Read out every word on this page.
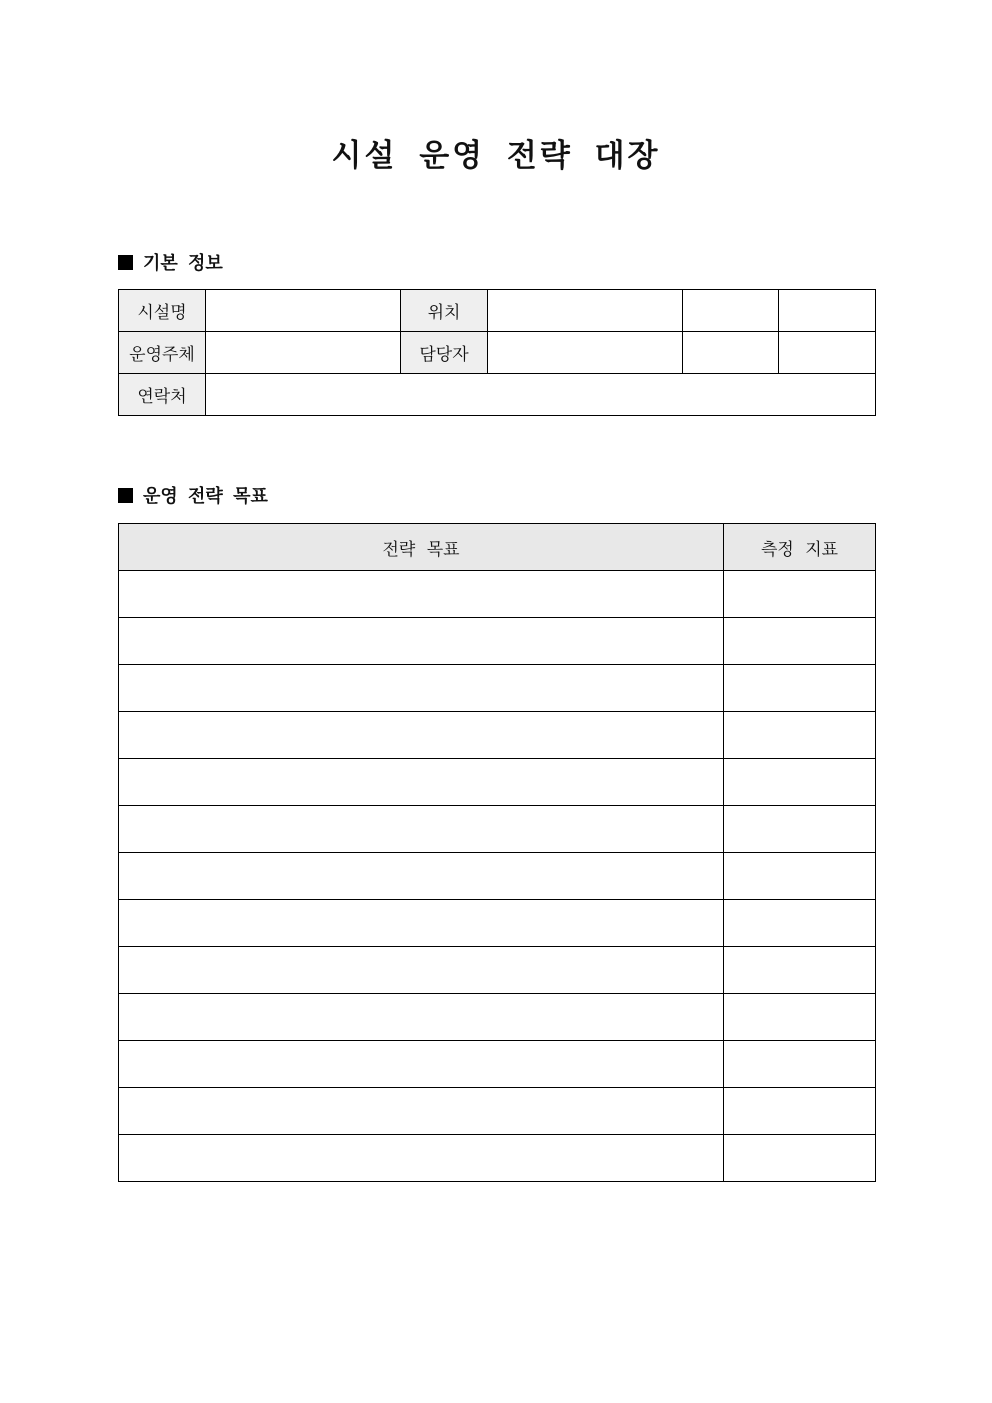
시설 운영 전략 대장
기본 정보
시설명		위치			
운영주체		담당자			
연락처					
운영 전략 목표
전략 목표	측정 지표
